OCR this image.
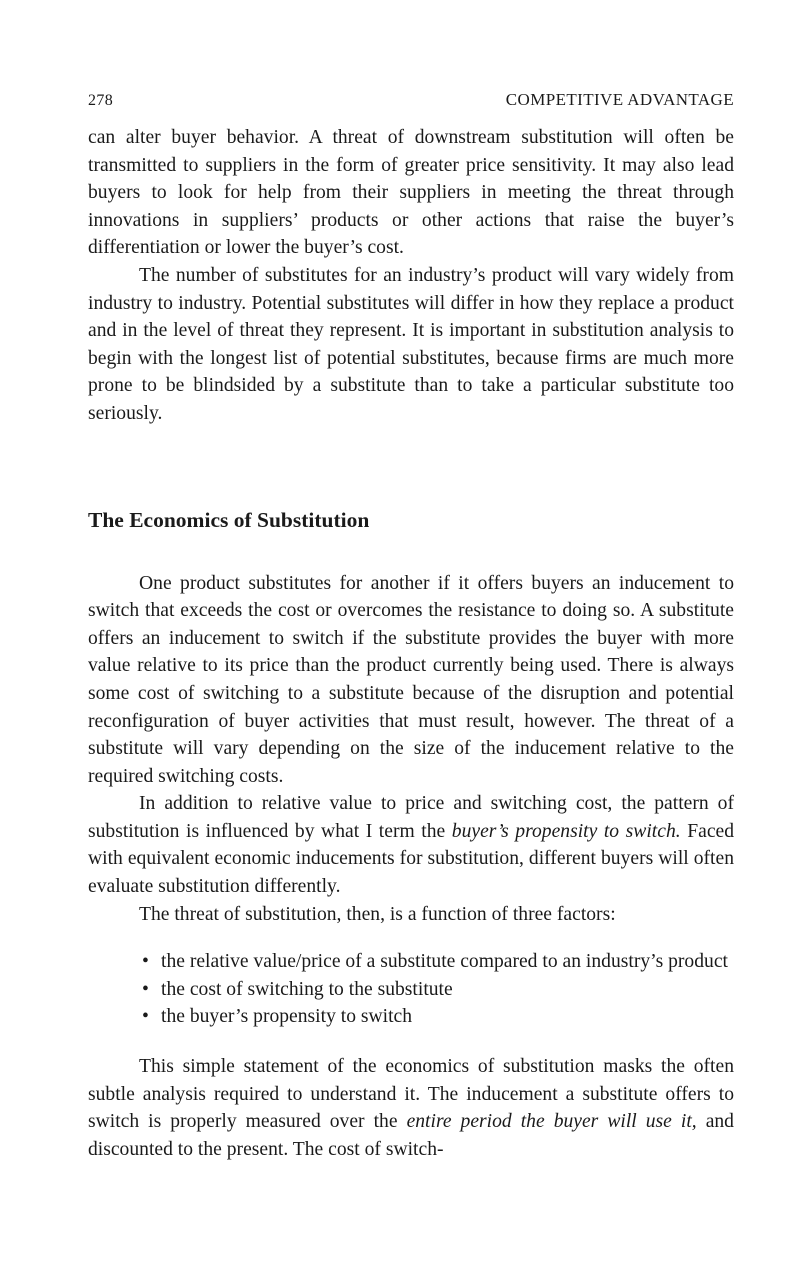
278	COMPETITIVE ADVANTAGE

can alter buyer behavior. A threat of downstream substitution will often be transmitted to suppliers in the form of greater price sensitivity. It may also lead buyers to look for help from their suppliers in meeting the threat through innovations in suppliers’ products or other actions that raise the buyer’s differentiation or lower the buyer’s cost.

The number of substitutes for an industry’s product will vary widely from industry to industry. Potential substitutes will differ in how they replace a product and in the level of threat they represent. It is important in substitution analysis to begin with the longest list of potential substitutes, because firms are much more prone to be blindsided by a substitute than to take a particular substitute too seriously.

The Economics of Substitution

One product substitutes for another if it offers buyers an inducement to switch that exceeds the cost or overcomes the resistance to doing so. A substitute offers an inducement to switch if the substitute provides the buyer with more value relative to its price than the product currently being used. There is always some cost of switching to a substitute because of the disruption and potential reconfiguration of buyer activities that must result, however. The threat of a substitute will vary depending on the size of the inducement relative to the required switching costs.

In addition to relative value to price and switching cost, the pattern of substitution is influenced by what I term the buyer’s propensity to switch. Faced with equivalent economic inducements for substitution, different buyers will often evaluate substitution differently.

The threat of substitution, then, is a function of three factors:

• the relative value/price of a substitute compared to an industry’s product
• the cost of switching to the substitute
• the buyer’s propensity to switch

This simple statement of the economics of substitution masks the often subtle analysis required to understand it. The inducement a substitute offers to switch is properly measured over the entire period the buyer will use it, and discounted to the present. The cost of switch-
